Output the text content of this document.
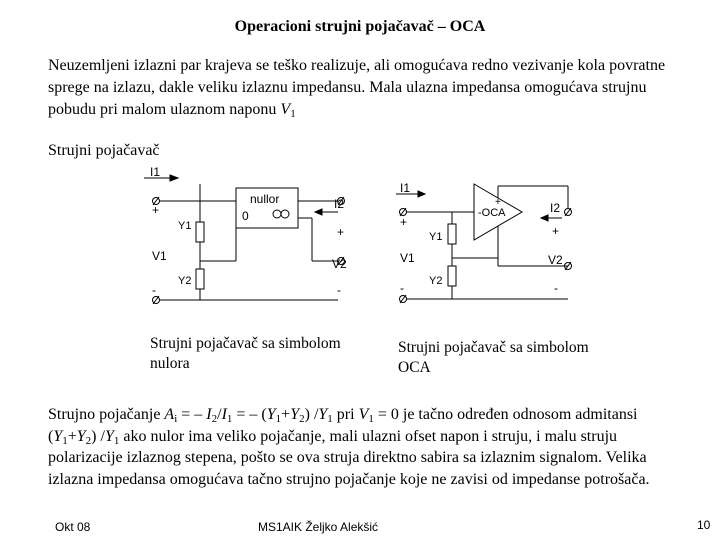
Operacioni strujni pojačavač – OCA
Neuzemljeni izlazni par krajeva se teško realizuje, ali omogućava redno vezivanje kola povratne sprege na izlazu, dakle veliku izlaznu impedansu. Mala ulazna impedansa omogućava strujnu pobudu pri malom ulaznom naponu $V_1$
Strujni pojačavač
nullor
0
I1
+
V1
-
Y1
Y2
I2
+
V2
-
+
-OCA
I1
+
V1
-
Y1
Y2
I2
+
V2
-
Strujni pojačavač sa simbolom nulora
Strujni pojačavač sa simbolom OCA
Strujno pojačanje $A_i$ = – $I_2/I_1$ = – $(Y_1+Y_2)$ $/Y_1$ pri $V_1 = 0$ je tačno određen odnosom admitansi $(Y_1+Y_2)$ $/Y_1$ ako nulor ima veliko pojačanje, mali ulazni ofset napon i struju, i malu struju polarizacije izlaznog stepena, pošto se ova struja direktno sabira sa izlaznim signalom. Velika izlazna impedansa omogućava tačno strujno pojačanje koje ne zavisi od impedanse potrošača.
Okt 08	MS1AIK Željko Alekšić	10
